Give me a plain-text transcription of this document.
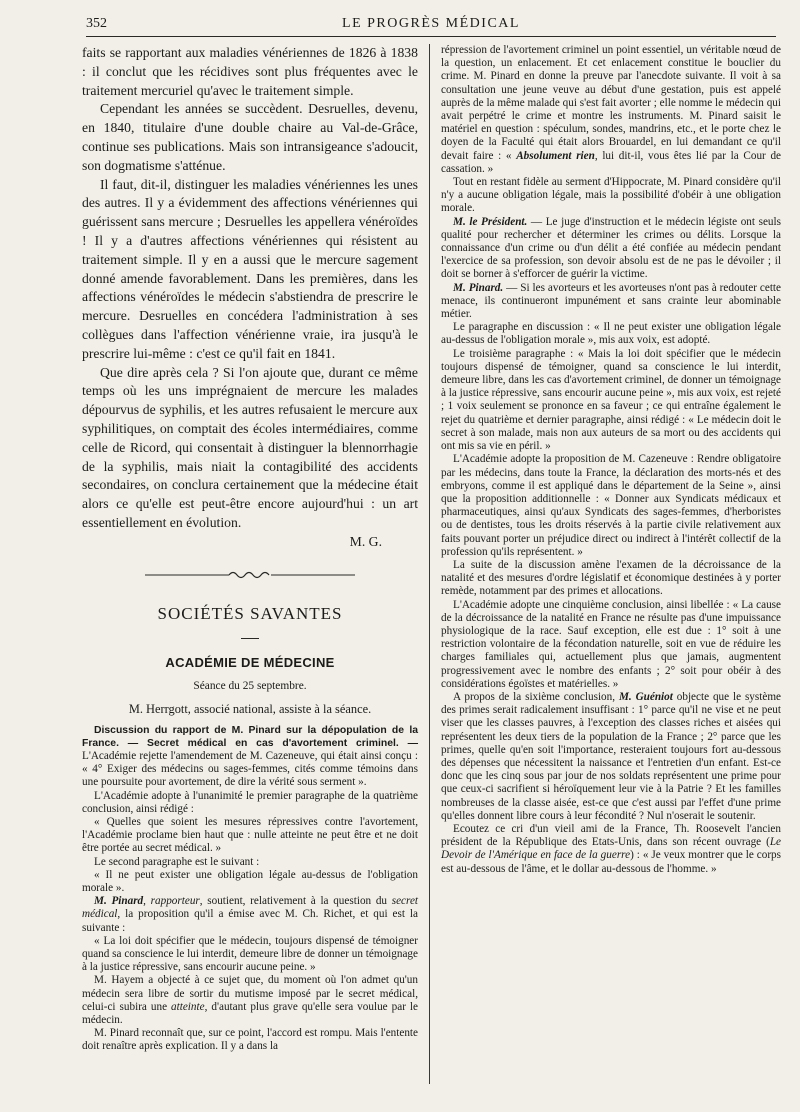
352	LE PROGRÈS MÉDICAL

faits se rapportant aux maladies vénériennes de 1826 à 1838 : il conclut que les récidives sont plus fréquentes avec le traitement mercuriel qu'avec le traitement simple.

Cependant les années se succèdent. Desruelles, devenu, en 1840, titulaire d'une double chaire au Val-de-Grâce, continue ses publications. Mais son intransigeance s'adoucit, son dogmatisme s'atténue.

Il faut, dit-il, distinguer les maladies vénériennes les unes des autres. Il y a évidemment des affections vénériennes qui guérissent sans mercure ; Desruelles les appellera vénéroïdes ! Il y a d'autres affections vénériennes qui résistent au traitement simple. Il y en a aussi que le mercure sagement donné amende favorablement. Dans les premières, dans les affections vénéroïdes le médecin s'abstiendra de prescrire le mercure. Desruelles en concédera l'administration à ses collègues dans l'affection vénérienne vraie, ira jusqu'à le prescrire lui-même : c'est ce qu'il fait en 1841.

Que dire après cela ? Si l'on ajoute que, durant ce même temps où les uns imprégnaient de mercure les malades dépourvus de syphilis, et les autres refusaient le mercure aux syphilitiques, on comptait des écoles intermédiaires, comme celle de Ricord, qui consentait à distinguer la blennorrhagie de la syphilis, mais niait la contagibilité des accidents secondaires, on conclura certainement que la médecine était alors ce qu'elle est peut-être encore aujourd'hui : un art essentiellement en évolution.

M. G.

SOCIÉTÉS SAVANTES
ACADÉMIE DE MÉDECINE
Séance du 25 septembre.
M. Herrgott, associé national, assiste à la séance.

Discussion du rapport de M. Pinard sur la dépopulation de la France. — Secret médical en cas d'avortement criminel. — L'Académie rejette l'amendement de M. Cazeneuve, qui était ainsi conçu : « 4° Exiger des médecins ou sages-femmes, cités comme témoins dans une poursuite pour avortement, de dire la vérité sous serment ».

L'Académie adopte à l'unanimité le premier paragraphe de la quatrième conclusion, ainsi rédigé :

« Quelles que soient les mesures répressives contre l'avortement, l'Académie proclame bien haut que : nulle atteinte ne peut être et ne doit être portée au secret médical. »

Le second paragraphe est le suivant :

« Il ne peut exister une obligation légale au-dessus de l'obligation morale ».

M. Pinard, rapporteur, soutient, relativement à la question du secret médical, la proposition qu'il a émise avec M. Ch. Richet, et qui est la suivante :

« La loi doit spécifier que le médecin, toujours dispensé de témoigner quand sa conscience le lui interdit, demeure libre de donner un témoignage à la justice répressive, sans encourir aucune peine. »

M. Hayem a objecté à ce sujet que, du moment où l'on admet qu'un médecin sera libre de sortir du mutisme imposé par le secret médical, celui-ci subira une atteinte, d'autant plus grave qu'elle sera voulue par le médecin.

M. Pinard reconnaît que, sur ce point, l'accord est rompu. Mais l'entente doit renaître après explication. Il y a dans la

répression de l'avortement criminel un point essentiel, un véritable nœud de la question, un enlacement. Et cet enlacement constitue le bouclier du crime. M. Pinard en donne la preuve par l'anecdote suivante. Il voit à sa consultation une jeune veuve au début d'une gestation, puis est appelé auprès de la même malade qui s'est fait avorter ; elle nomme le médecin qui avait perpétré le crime et montre les instruments. M. Pinard saisit le matériel en question : spéculum, sondes, mandrins, etc., et le porte chez le doyen de la Faculté qui était alors Brouardel, en lui demandant ce qu'il devait faire : « Absolument rien, lui dit-il, vous êtes lié par la Cour de cassation. »

Tout en restant fidèle au serment d'Hippocrate, M. Pinard considère qu'il n'y a aucune obligation légale, mais la possibilité d'obéir à une obligation morale.

M. le Président. — Le juge d'instruction et le médecin légiste ont seuls qualité pour rechercher et déterminer les crimes ou délits. Lorsque la connaissance d'un crime ou d'un délit a été confiée au médecin pendant l'exercice de sa profession, son devoir absolu est de ne pas le dévoiler ; il doit se borner à s'efforcer de guérir la victime.

M. Pinard. — Si les avorteurs et les avorteuses n'ont pas à redouter cette menace, ils continueront impunément et sans crainte leur abominable métier.

Le paragraphe en discussion : « Il ne peut exister une obligation légale au-dessus de l'obligation morale », mis aux voix, est adopté.

Le troisième paragraphe : « Mais la loi doit spécifier que le médecin toujours dispensé de témoigner, quand sa conscience le lui interdit, demeure libre, dans les cas d'avortement criminel, de donner un témoignage à la justice répressive, sans encourir aucune peine », mis aux voix, est rejeté ; 1 voix seulement se prononce en sa faveur ; ce qui entraîne également le rejet du quatrième et dernier paragraphe, ainsi rédigé : « Le médecin doit le secret à son malade, mais non aux auteurs de sa mort ou des accidents qui ont mis sa vie en péril. »

L'Académie adopte la proposition de M. Cazeneuve : Rendre obligatoire par les médecins, dans toute la France, la déclaration des morts-nés et des embryons, comme il est appliqué dans le département de la Seine », ainsi que la proposition additionnelle : « Donner aux Syndicats médicaux et pharmaceutiques, ainsi qu'aux Syndicats des sages-femmes, d'herboristes ou de dentistes, tous les droits réservés à la partie civile relativement aux faits pouvant porter un préjudice direct ou indirect à l'intérêt collectif de la profession qu'ils représentent. »

La suite de la discussion amène l'examen de la décroissance de la natalité et des mesures d'ordre législatif et économique destinées à y porter remède, notamment par des primes et allocations.

L'Académie adopte une cinquième conclusion, ainsi libellée : « La cause de la décroissance de la natalité en France ne résulte pas d'une impuissance physiologique de la race. Sauf exception, elle est due : 1° soit à une restriction volontaire de la fécondation naturelle, soit en vue de réduire les charges familiales qui, actuellement plus que jamais, augmentent progressivement avec le nombre des enfants ; 2° soit pour obéir à des considérations égoïstes et matérielles. »

A propos de la sixième conclusion, M. Guéniot objecte que le système des primes serait radicalement insuffisant : 1° parce qu'il ne vise et ne peut viser que les classes pauvres, à l'exception des classes riches et aisées qui représentent les deux tiers de la population de la France ; 2° parce que les primes, quelle qu'en soit l'importance, resteraient toujours fort au-dessous des dépenses que nécessitent la naissance et l'entretien d'un enfant. Est-ce donc que les cinq sous par jour de nos soldats représentent une prime pour que ceux-ci sacrifient si héroïquement leur vie à la Patrie ? Et les familles nombreuses de la classe aisée, est-ce que c'est aussi par l'effet d'une prime qu'elles donnent libre cours à leur fécondité ? Nul n'oserait le soutenir.

Ecoutez ce cri d'un vieil ami de la France, Th. Roosevelt l'ancien président de la République des Etats-Unis, dans son récent ouvrage (Le Devoir de l'Amérique en face de la guerre) : « Je veux montrer que le corps est au-dessous de l'âme, et le dollar au-dessous de l'homme. »
